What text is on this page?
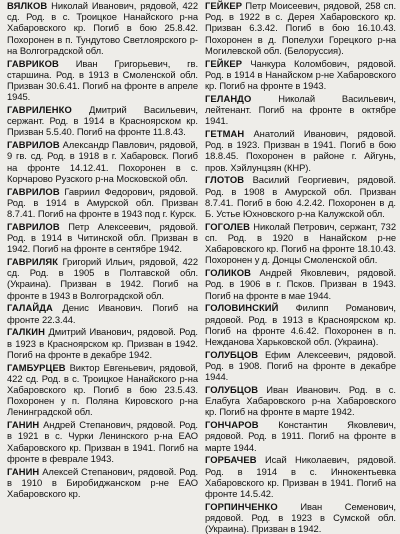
ВЯЛКОВ Николай Иванович, рядовой, 422 сд. Род. в с. Троицкое Нанайского р-на Хабаровского кр. Погиб в бою 25.8.42. Похоронен в п. Тундутово Светлоярского р-на Волгоградской обл.

ГАВРИКОВ Иван Григорьевич, гв. старшина. Род. в 1913 в Смоленской обл. Призван 30.6.41. Погиб на фронте в апреле 1945.

ГАВРИЛЕНКО Дмитрий Васильевич, сержант. Род. в 1914 в Красноярском кр. Призван 5.5.40. Погиб на фронте 11.8.43.

ГАВРИЛОВ Александр Павлович, рядовой, 9 гв. сд. Род. в 1918 в г. Хабаровск. Погиб на фронте 14.12.41. Похоронен в с. Корчарово Рузского р-на Московской обл.

ГАВРИЛОВ Гавриил Федорович, рядовой. Род. в 1914 в Амурской обл. Призван 8.7.41. Погиб на фронте в 1943 под г. Курск.

ГАВРИЛОВ Петр Алексеевич, рядовой. Род. в 1914 в Читинской обл. Призван в 1942. Погиб на фронте в сентябре 1942.

ГАВРИЛЯК Григорий Ильич, рядовой, 422 сд. Род. в 1905 в Полтавской обл. (Украина). Призван в 1942. Погиб на фронте в 1943 в Волгоградской обл.

ГАЛАЙДА Денис Иванович. Погиб на фронте 22.3.44.

ГАЛКИН Дмитрий Иванович, рядовой. Род. в 1923 в Красноярском кр. Призван в 1942. Погиб на фронте в декабре 1942.

ГАМБУРЦЕВ Виктор Евгеньевич, рядовой, 422 сд. Род. в с. Троицкое Нанайского р-на Хабаровского кр. Погиб в бою 23.5.43. Похоронен у п. Поляна Кировского р-на Ленинградской обл.

ГАНИН Андрей Степанович, рядовой. Род. в 1921 в с. Чурки Ленинского р-на ЕАО Хабаровского кр. Призван в 1941. Погиб на фронте в феврале 1943.

ГАНИН Алексей Степанович, рядовой. Род. в 1910 в Биробиджанском р-не ЕАО Хабаровского кр.

ГЕЙКЕР Петр Моисеевич, рядовой, 258 сп. Род. в 1922 в с. Дерея Хабаровского кр. Призван 6.3.42. Погиб в бою 16.10.43. Похоронен в д. Попелухи Горецкого р-на Могилевской обл. (Белоруссия).

ГЕЙКЕР Чанкура Коломбович, рядовой. Род. в 1914 в Нанайском р-не Хабаровского кр. Погиб на фронте в 1943.

ГЕЛАНДО	Николай Васильевич, лейтенант. Погиб на фронте в октябре 1941.

ГЕТМАН Анатолий Иванович, рядовой. Род. в 1923. Призван в 1941. Погиб в бою 18.8.45. Похоронен в районе г. Айгунь, пров. Хэйлунцзян (КНР).

ГЛОТОВ Василий Георгиевич, рядовой. Род. в 1908 в Амурской обл. Призван 8.7.41. Погиб в бою 4.2.42. Похоронен в д. Б. Устье Юхновского р-на Калужской обл.

ГОГОЛЕВ Николай Петрович, сержант, 732 сп. Род. в 1920 в Нанайском р-не Хабаровского кр. Погиб на фронте 18.10.43. Похоронен у д. Донцы Смоленской обл.

ГОЛИКОВ Андрей Яковлевич, рядовой. Род. в 1906 в г. Псков. Призван в 1943. Погиб на фронте в мае 1944.

ГОЛОВИНСКИЙ Филипп Романович, рядовой. Род. в 1913 в Красноярском кр. Погиб на фронте 4.6.42. Похоронен в п. Нежданова Харьковской обл. (Украина).

ГОЛУБЦОВ Ефим Алексеевич, рядовой. Род. в 1908. Погиб на фронте в декабре 1944.

ГОЛУБЦОВ Иван Иванович. Род. в с. Елабуга Хабаровского р-на Хабаровского кр. Погиб на фронте в марте 1942.

ГОНЧАРОВ Константин Яковлевич, рядовой. Род. в 1911. Погиб на фронте в марте 1944.

ГОРБАЧЕВ Исай Николаевич, рядовой. Род. в 1914 в с. Иннокентьевка Хабаровского кр. Призван в 1941. Погиб на фронте 14.5.42.

ГОРПИНЧЕНКО Иван Семенович, рядовой. Род. в 1923 в Сумской обл. (Украина). Призван в 1942.
